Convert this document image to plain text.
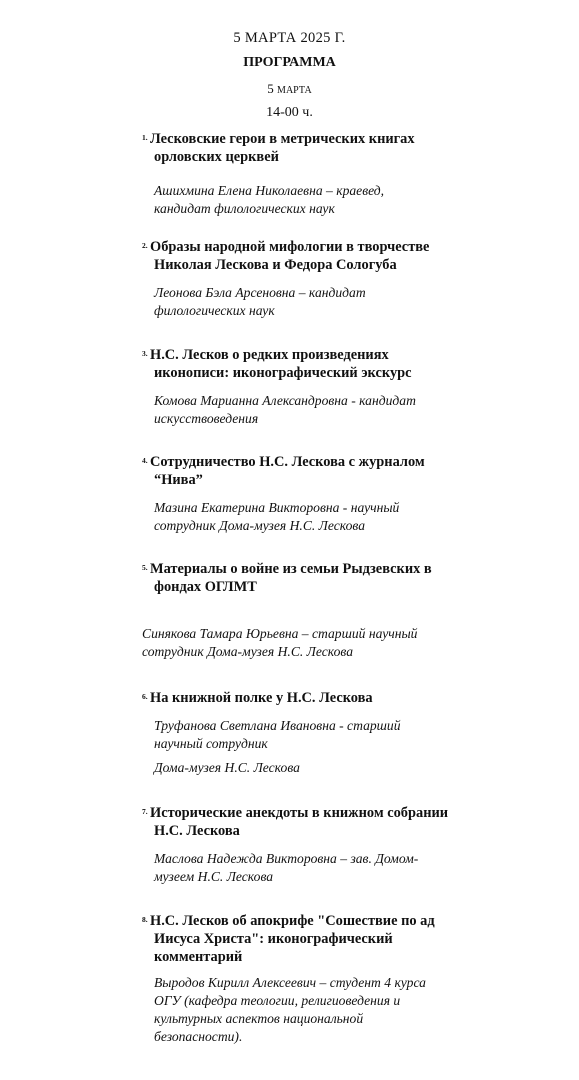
5 МАРТА 2025 Г.
ПРОГРАММА
5 МАРТА
14-00 ч.
1. Лесковские герои в метрических книгах
орловских церквей
Ашихмина Елена Николаевна – краевед,
кандидат филологических наук
2. Образы народной мифологии в творчестве
Николая Лескова и Федора Сологуба
Леонова Бэла Арсеновна – кандидат
филологических наук
3. Н.С. Лесков о редких произведениях
иконописи: иконографический экскурс
Комова Марианна Александровна - кандидат
искусствоведения
4. Сотрудничество Н.С. Лескова с журналом
“Нива”
Мазина Екатерина Викторовна - научный
сотрудник Дома-музея Н.С. Лескова
5. Материалы о войне из семьи Рыдзевских в
фондах ОГЛМТ
Синякова Тамара Юрьевна – старший научный
сотрудник Дома-музея Н.С. Лескова
6. На книжной полке у Н.С. Лескова
Труфанова Светлана Ивановна - старший
научный сотрудник
Дома-музея Н.С. Лескова
7. Исторические анекдоты в книжном собрании
Н.С. Лескова
Маслова Надежда Викторовна – зав. Домом-
музеем Н.С. Лескова
8. Н.С. Лесков об апокрифе "Сошествие по ад
Иисуса Христа": иконографический
комментарий
Выродов Кирилл Алексеевич – студент 4 курса
ОГУ (кафедра теологии, религиоведения и
культурных аспектов национальной
безопасности).
